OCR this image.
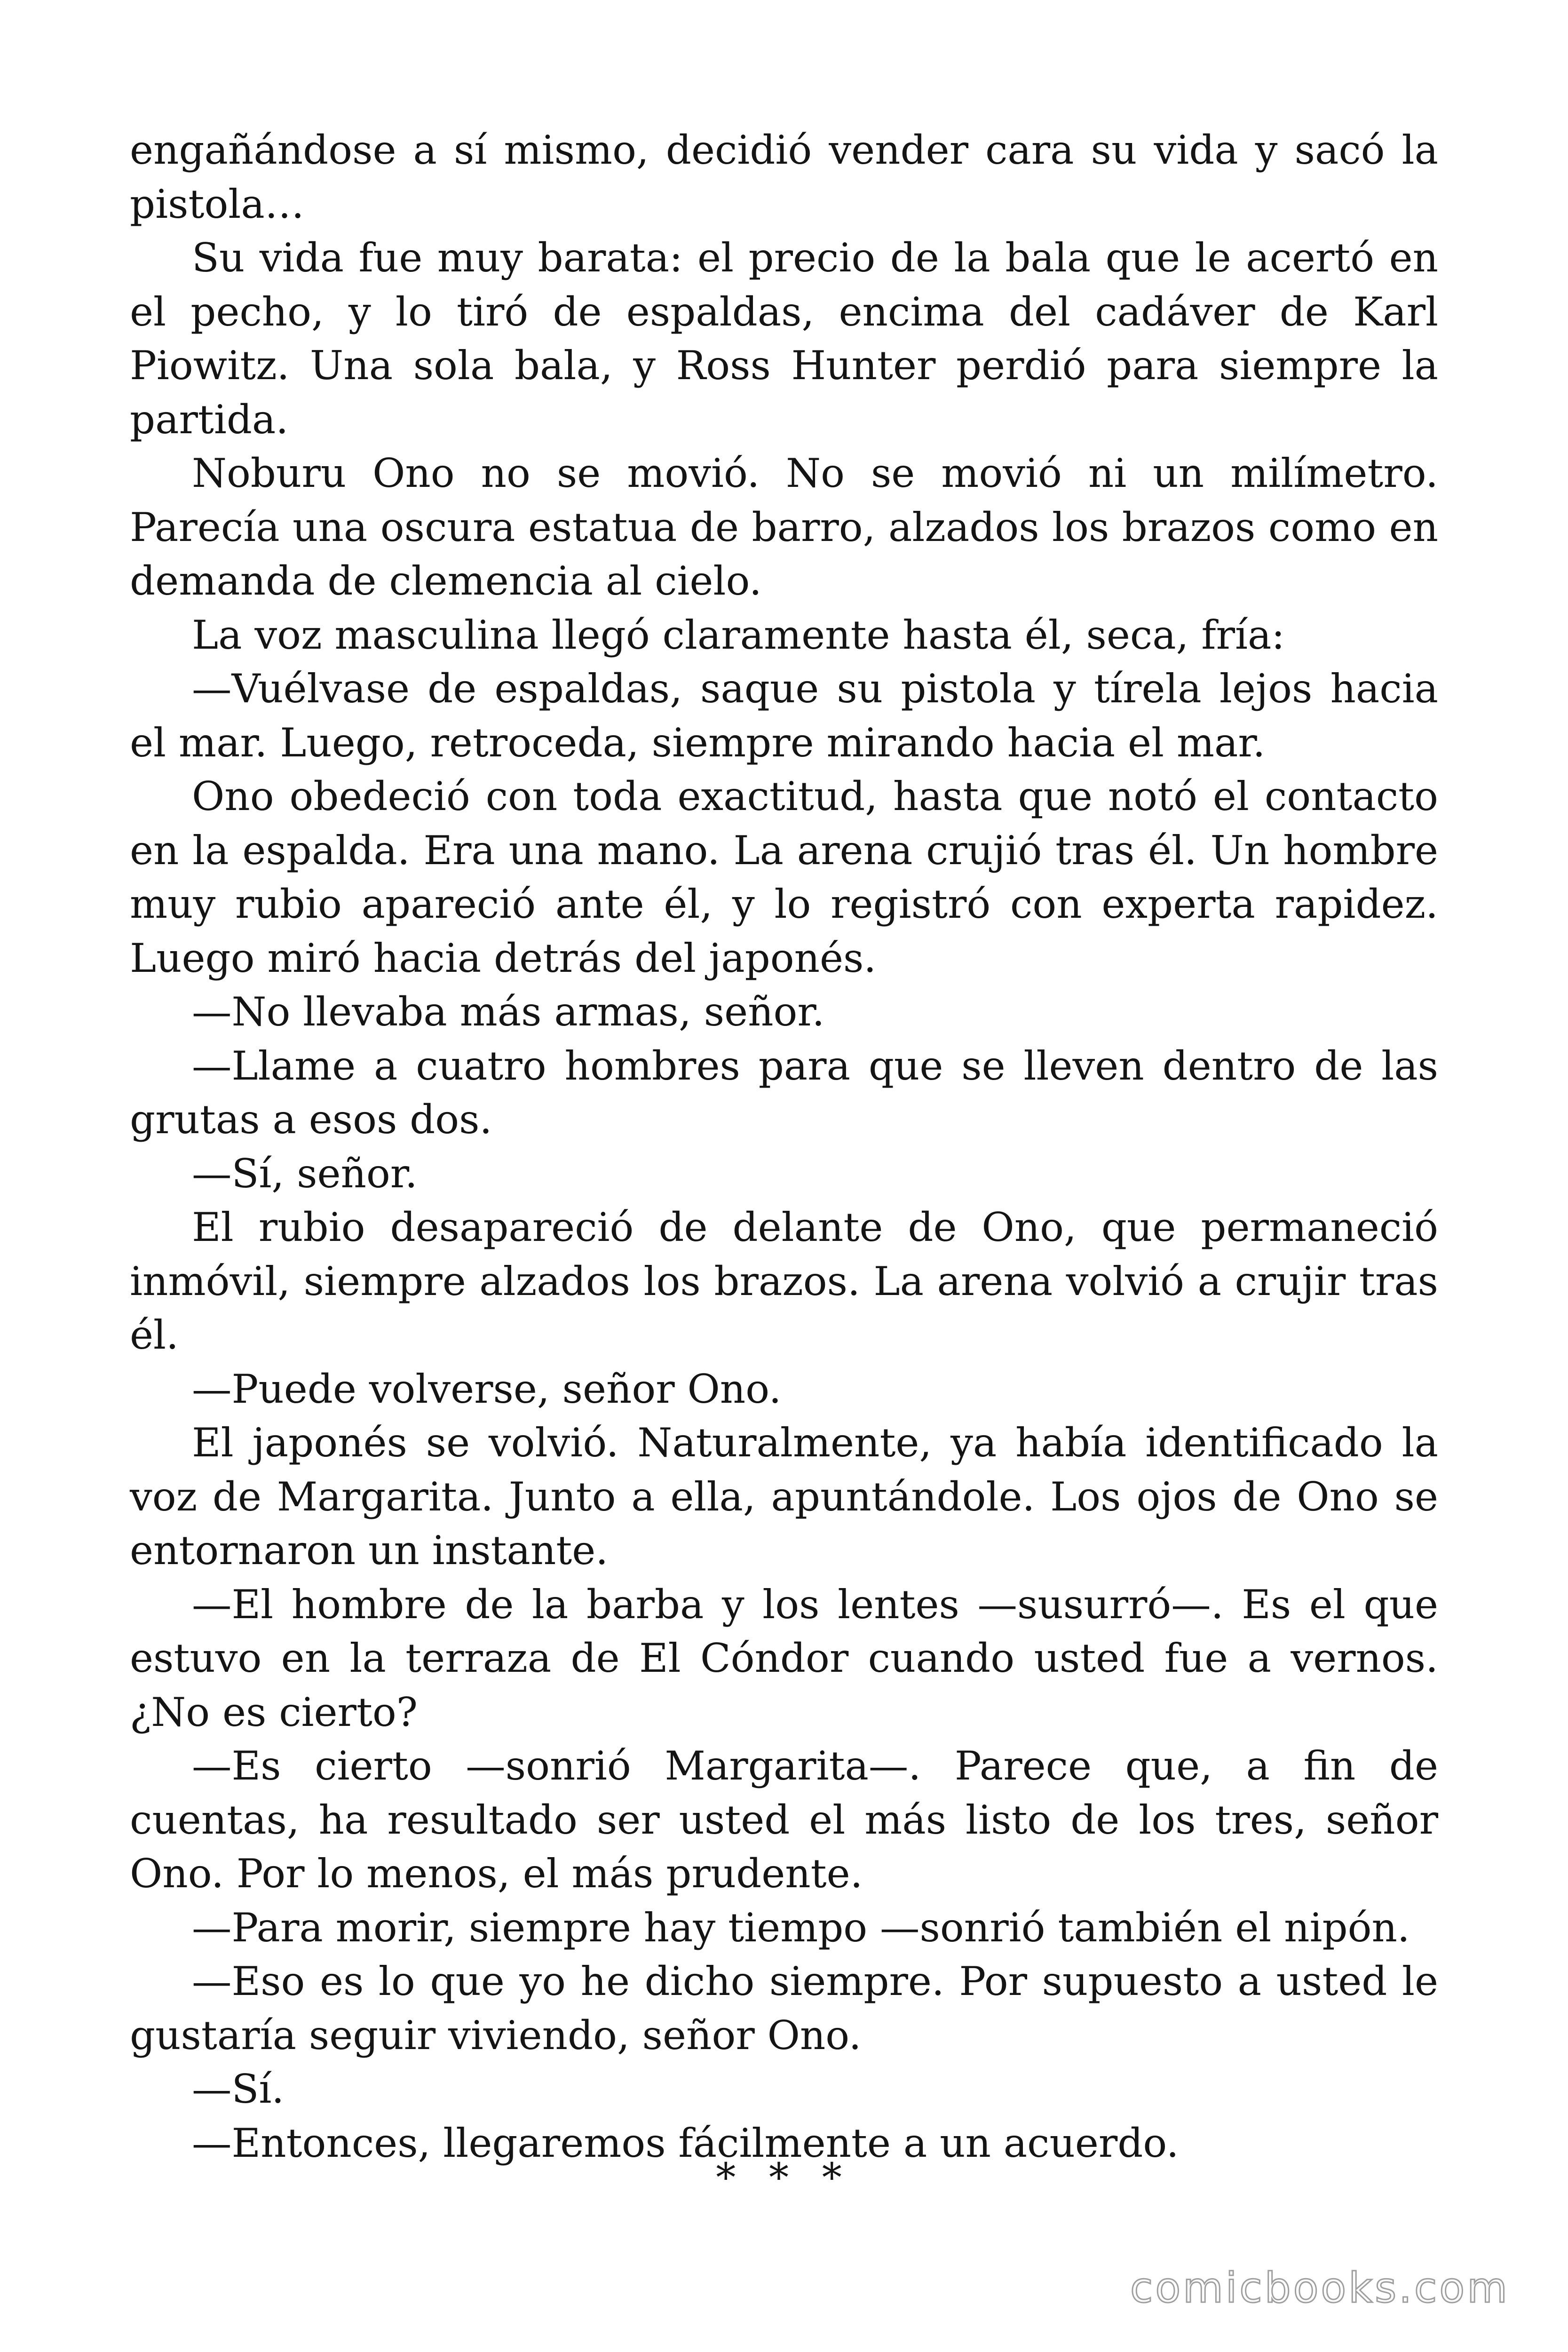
engañándose a sí mismo, decidió vender cara su vida y sacó la pistola…

Su vida fue muy barata: el precio de la bala que le acertó en el pecho, y lo tiró de espaldas, encima del cadáver de Karl Piowitz. Una sola bala, y Ross Hunter perdió para siempre la partida.

Noburu Ono no se movió. No se movió ni un milímetro. Parecía una oscura estatua de barro, alzados los brazos como en demanda de clemencia al cielo.

La voz masculina llegó claramente hasta él, seca, fría:

—Vuélvase de espaldas, saque su pistola y tírela lejos hacia el mar. Luego, retroceda, siempre mirando hacia el mar.

Ono obedeció con toda exactitud, hasta que notó el contacto en la espalda. Era una mano. La arena crujió tras él. Un hombre muy rubio apareció ante él, y lo registró con experta rapidez. Luego miró hacia detrás del japonés.

—No llevaba más armas, señor.

—Llame a cuatro hombres para que se lleven dentro de las grutas a esos dos.

—Sí, señor.

El rubio desapareció de delante de Ono, que permaneció inmóvil, siempre alzados los brazos. La arena volvió a crujir tras él.

—Puede volverse, señor Ono.

El japonés se volvió. Naturalmente, ya había identificado la voz de Margarita. Junto a ella, apuntándole. Los ojos de Ono se entornaron un instante.

—El hombre de la barba y los lentes —susurró—. Es el que estuvo en la terraza de El Cóndor cuando usted fue a vernos. ¿No es cierto?

—Es cierto —sonrió Margarita—. Parece que, a fin de cuentas, ha resultado ser usted el más listo de los tres, señor Ono. Por lo menos, el más prudente.

—Para morir, siempre hay tiempo —sonrió también el nipón.

—Eso es lo que yo he dicho siempre. Por supuesto a usted le gustaría seguir viviendo, señor Ono.

—Sí.

—Entonces, llegaremos fácilmente a un acuerdo.

* * *
comicbooks.com
